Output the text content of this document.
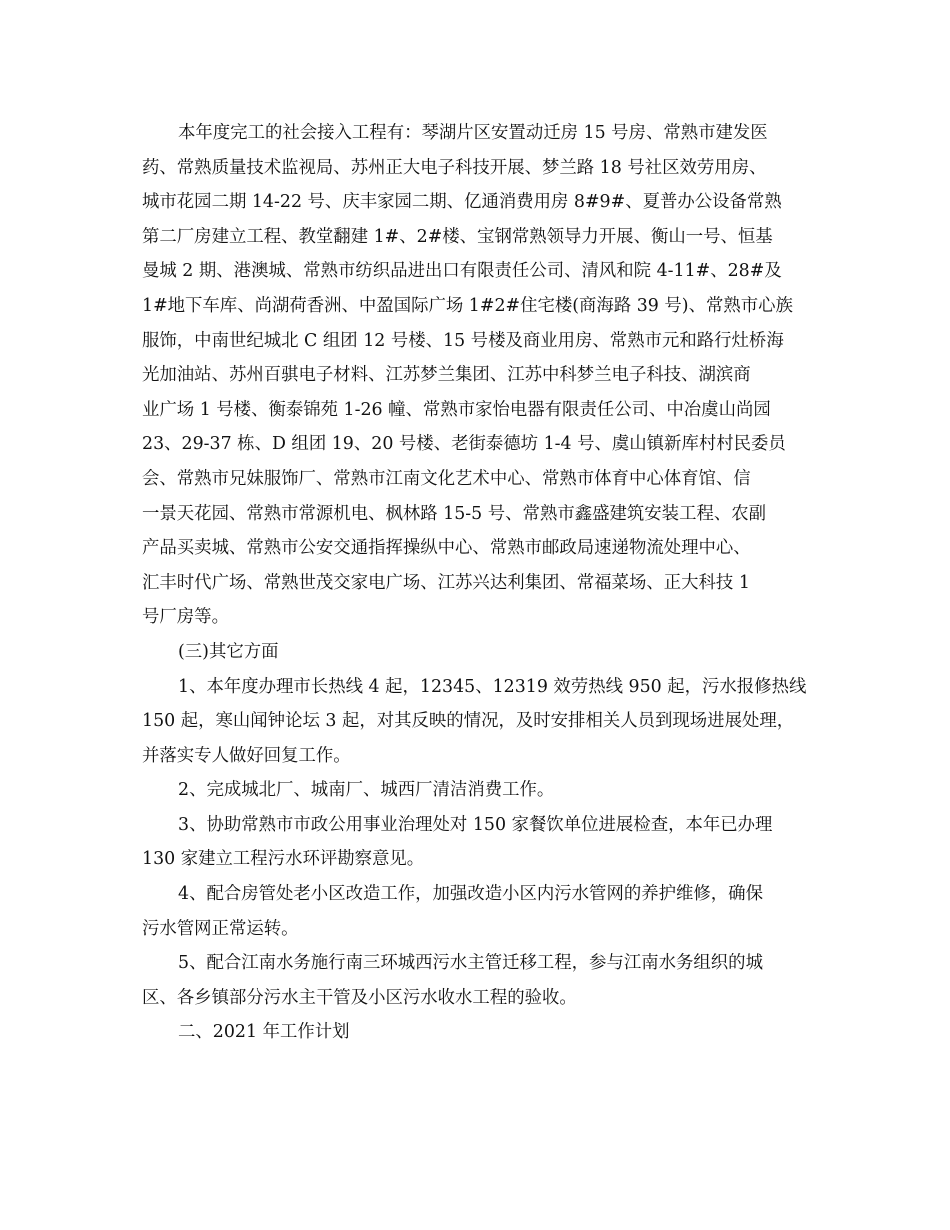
本年度完工的社会接入工程有：琴湖片区安置动迁房 15 号房、常熟市建发医
药、常熟质量技术监视局、苏州正大电子科技开展、梦兰路 18 号社区效劳用房、
城市花园二期 14-22 号、庆丰家园二期、亿通消费用房 8#9#、夏普办公设备常熟
第二厂房建立工程、教堂翻建 1#、2#楼、宝钢常熟领导力开展、衡山一号、恒基
曼城 2 期、港澳城、常熟市纺织品进出口有限责任公司、清风和院 4-11#、28#及
1#地下车库、尚湖荷香洲、中盈国际广场 1#2#住宅楼(商海路 39 号)、常熟市心族
服饰，中南世纪城北 C 组团 12 号楼、15 号楼及商业用房、常熟市元和路行灶桥海
光加油站、苏州百骐电子材料、江苏梦兰集团、江苏中科梦兰电子科技、湖滨商
业广场 1 号楼、衡泰锦苑 1-26 幢、常熟市家怡电器有限责任公司、中冶虞山尚园
23、29-37 栋、D 组团 19、20 号楼、老街泰德坊 1-4 号、虞山镇新库村村民委员
会、常熟市兄妹服饰厂、常熟市江南文化艺术中心、常熟市体育中心体育馆、信
一景天花园、常熟市常源机电、枫林路 15-5 号、常熟市鑫盛建筑安装工程、农副
产品买卖城、常熟市公安交通指挥操纵中心、常熟市邮政局速递物流处理中心、
汇丰时代广场、常熟世茂交家电广场、江苏兴达利集团、常福菜场、正大科技 1
号厂房等。
(三)其它方面
1、本年度办理市长热线 4 起，12345、12319 效劳热线 950 起，污水报修热线
150 起，寒山闻钟论坛 3 起，对其反映的情况，及时安排相关人员到现场进展处理，
并落实专人做好回复工作。
2、完成城北厂、城南厂、城西厂清洁消费工作。
3、协助常熟市市政公用事业治理处对 150 家餐饮单位进展检查，本年已办理
130 家建立工程污水环评勘察意见。
4、配合房管处老小区改造工作，加强改造小区内污水管网的养护维修，确保
污水管网正常运转。
5、配合江南水务施行南三环城西污水主管迁移工程，参与江南水务组织的城
区、各乡镇部分污水主干管及小区污水收水工程的验收。
二、2021 年工作计划
